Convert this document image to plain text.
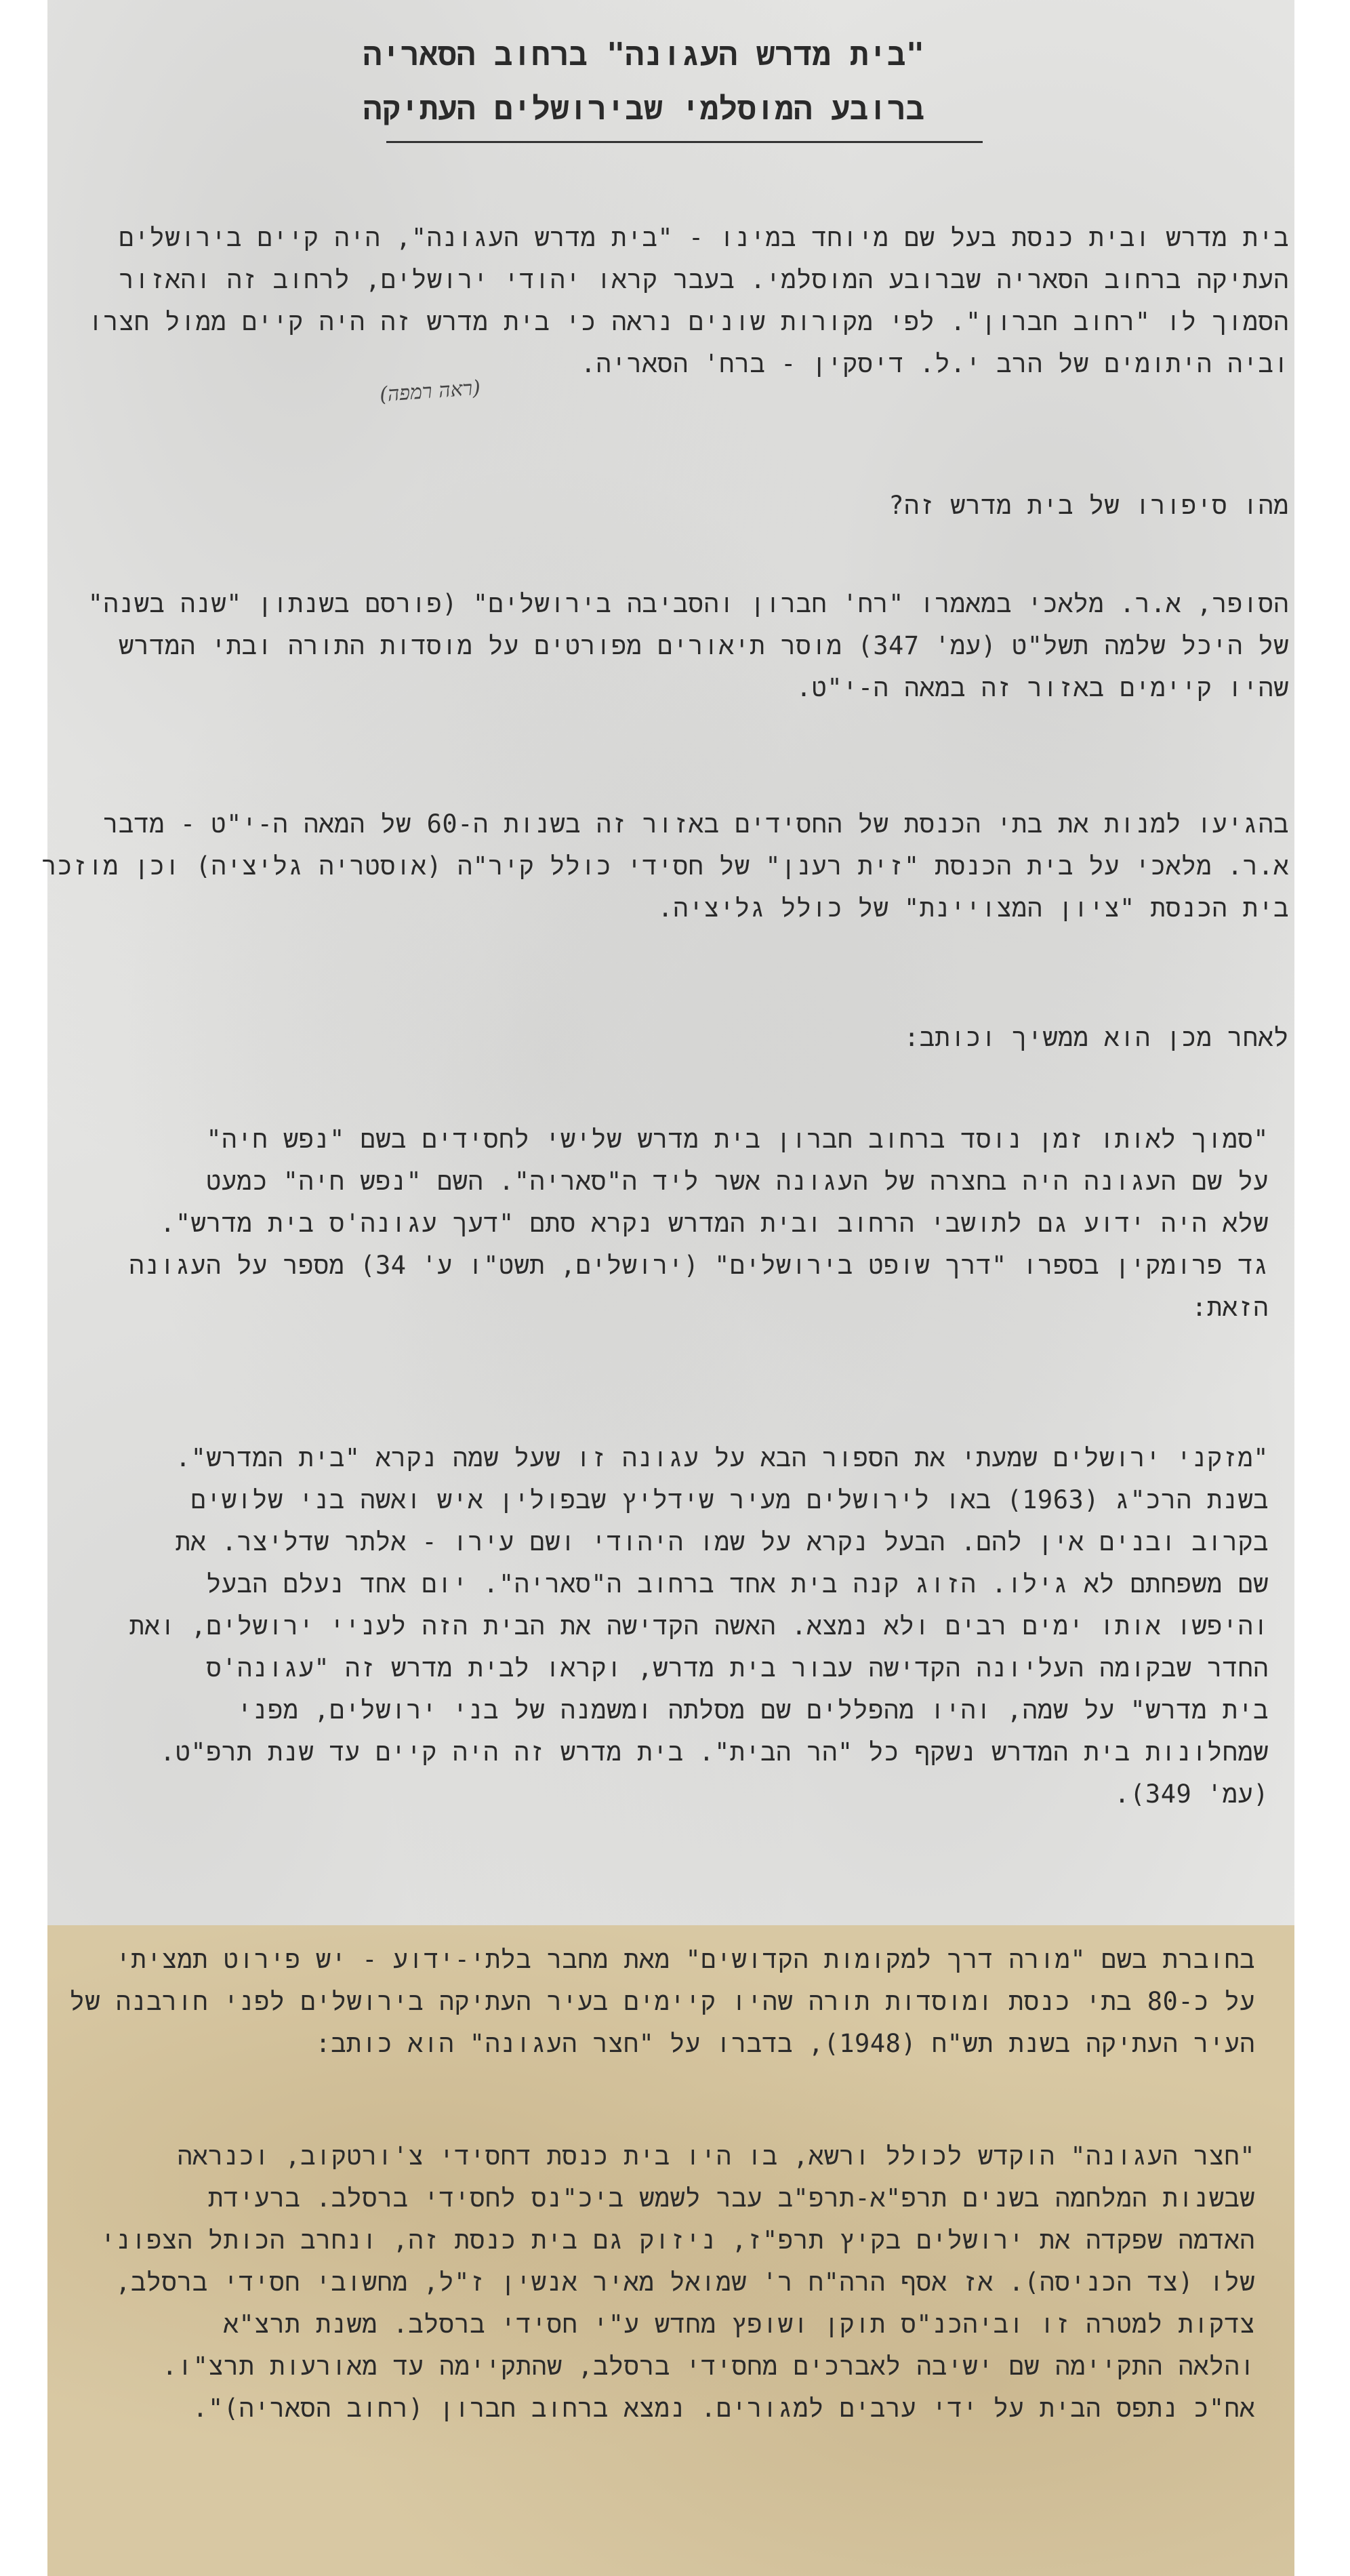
"בית מדרש העגונה" ברחוב הסאריה
ברובע המוסלמי שבירושלים העתיקה
בית מדרש ובית כנסת בעל שם מיוחד במינו - "בית מדרש העגונה", היה קיים בירושלים
העתיקה ברחוב הסאריה שברובע המוסלמי. בעבר קראו יהודי ירושלים, לרחוב זה והאזור
הסמוך לו "רחוב חברון". לפי מקורות שונים נראה כי בית מדרש זה היה קיים ממול חצרו
וביה היתומים של הרב י.ל. דיסקין - ברח' הסאריה.
(ראה רמפה)
מהו סיפורו של בית מדרש זה?
הסופר, א.ר. מלאכי במאמרו "רח' חברון והסביבה בירושלים" (פורסם בשנתון "שנה בשנה"
של היכל שלמה תשל"ט (עמ' 347) מוסר תיאורים מפורטים על מוסדות התורה ובתי המדרש
שהיו קיימים באזור זה במאה ה-י"ט.
בהגיעו למנות את בתי הכנסת של החסידים באזור זה בשנות ה-60 של המאה ה-י"ט - מדבר
א.ר. מלאכי על בית הכנסת "זית רענן" של חסידי כולל קיר"ה (אוסטריה גליציה) וכן מוזכר
בית הכנסת "ציון המצויינת" של כולל גליציה.
לאחר מכן הוא ממשיך וכותב:
"סמוך לאותו זמן נוסד ברחוב חברון בית מדרש שלישי לחסידים בשם "נפש חיה"
על שם העגונה היה בחצרה של העגונה אשר ליד ה"סאריה". השם "נפש חיה" כמעט
שלא היה ידוע גם לתושבי הרחוב ובית המדרש נקרא סתם "דעך עגונה'ס בית מדרש".
גד פרומקין בספרו "דרך שופט בירושלים" (ירושלים, תשט"ו ע' 34) מספר על העגונה
הזאת:
"מזקני ירושלים שמעתי את הספור הבא על עגונה זו שעל שמה נקרא "בית המדרש".
בשנת הרכ"ג (1963) באו לירושלים מעיר שידליץ שבפולין איש ואשה בני שלושים
בקרוב ובנים אין להם. הבעל נקרא על שמו היהודי ושם עירו - אלתר שדליצר. את
שם משפחתם לא גילו. הזוג קנה בית אחד ברחוב ה"סאריה". יום אחד נעלם הבעל
והיפשו אותו ימים רבים ולא נמצא. האשה הקדישה את הבית הזה לעניי ירושלים, ואת
החדר שבקומה העליונה הקדישה עבור בית מדרש, וקראו לבית מדרש זה "עגונה'ס
בית מדרש" על שמה, והיו מהפללים שם מסלתה ומשמנה של בני ירושלים, מפני
שמחלונות בית המדרש נשקף כל "הר הבית". בית מדרש זה היה קיים עד שנת תרפ"ט.
(עמ' 349).
בחוברת בשם "מורה דרך למקומות הקדושים" מאת מחבר בלתי-ידוע - יש פירוט תמציתי
על כ-80 בתי כנסת ומוסדות תורה שהיו קיימים בעיר העתיקה בירושלים לפני חורבנה של
העיר העתיקה בשנת תש"ח (1948), בדברו על "חצר העגונה" הוא כותב:
"חצר העגונה" הוקדש לכולל ורשא, בו היו בית כנסת דחסידי צ'ורטקוב, וכנראה
שבשנות המלחמה בשנים תרפ"א-תרפ"ב עבר לשמש ביכ"נס לחסידי ברסלב. ברעידת
האדמה שפקדה את ירושלים בקיץ תרפ"ז, ניזוק גם בית כנסת זה, ונחרב הכותל הצפוני
שלו (צד הכניסה). אז אסף הרה"ח ר' שמואל מאיר אנשין ז"ל, מחשובי חסידי ברסלב,
צדקות למטרה זו וביהכנ"ס תוקן ושופץ מחדש ע"י חסידי ברסלב. משנת תרצ"א
והלאה התקיימה שם ישיבה לאברכים מחסידי ברסלב, שהתקיימה עד מאורעות תרצ"ו.
אח"כ נתפס הבית על ידי ערבים למגורים. נמצא ברחוב חברון (רחוב הסאריה)".
